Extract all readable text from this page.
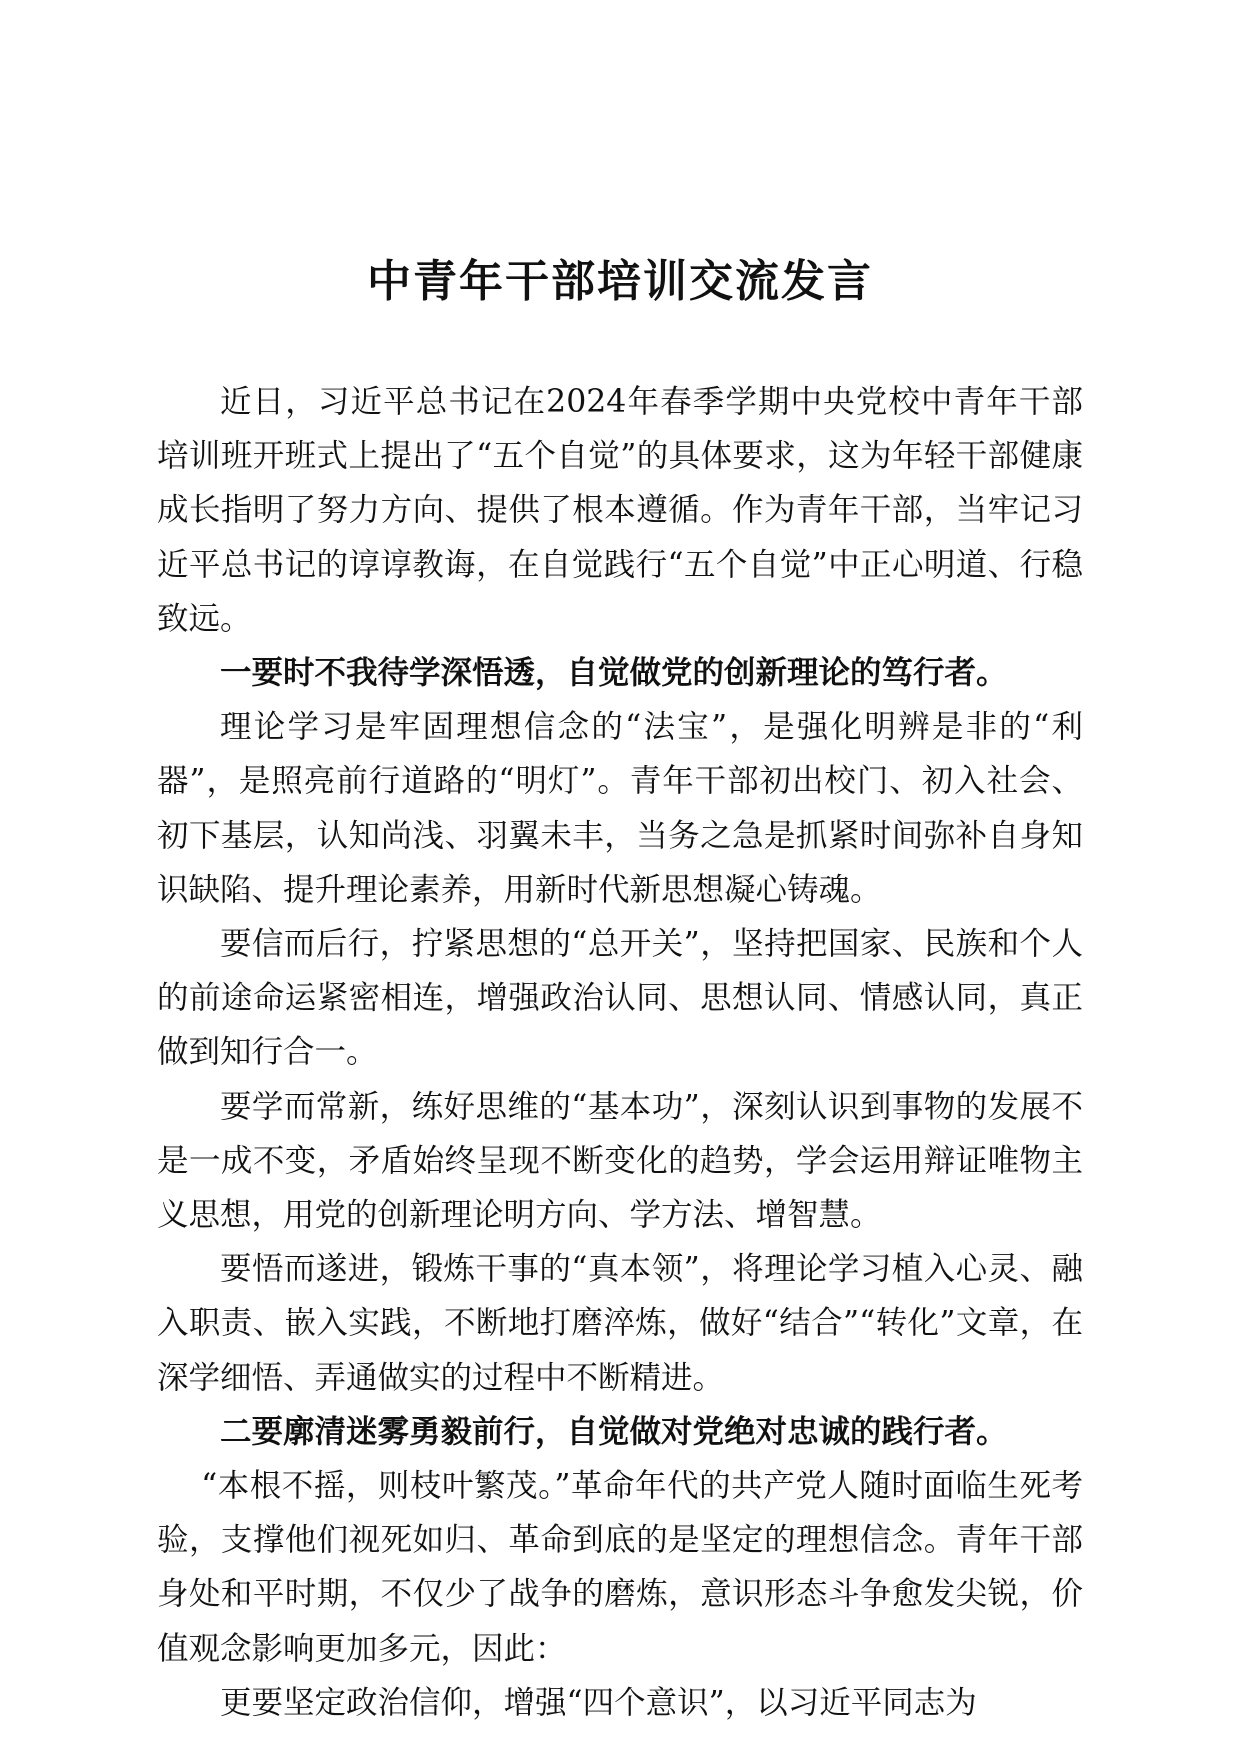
中青年干部培训交流发言

近日，习近平总书记在2024年春季学期中央党校中青年干部培训班开班式上提出了“五个自觉”的具体要求，这为年轻干部健康成长指明了努力方向、提供了根本遵循。作为青年干部，当牢记习近平总书记的谆谆教诲，在自觉践行“五个自觉”中正心明道、行稳致远。

一要时不我待学深悟透，自觉做党的创新理论的笃行者。

理论学习是牢固理想信念的“法宝”，是强化明辨是非的“利器”，是照亮前行道路的“明灯”。青年干部初出校门、初入社会、初下基层，认知尚浅、羽翼未丰，当务之急是抓紧时间弥补自身知识缺陷、提升理论素养，用新时代新思想凝心铸魂。

要信而后行，拧紧思想的“总开关”，坚持把国家、民族和个人的前途命运紧密相连，增强政治认同、思想认同、情感认同，真正做到知行合一。

要学而常新，练好思维的“基本功”，深刻认识到事物的发展不是一成不变，矛盾始终呈现不断变化的趋势，学会运用辩证唯物主义思想，用党的创新理论明方向、学方法、增智慧。

要悟而遂进，锻炼干事的“真本领”，将理论学习植入心灵、融入职责、嵌入实践，不断地打磨淬炼，做好“结合”“转化”文章，在深学细悟、弄通做实的过程中不断精进。

二要廓清迷雾勇毅前行，自觉做对党绝对忠诚的践行者。

“本根不摇，则枝叶繁茂。”革命年代的共产党人随时面临生死考验，支撑他们视死如归、革命到底的是坚定的理想信念。青年干部身处和平时期，不仅少了战争的磨炼，意识形态斗争愈发尖锐，价值观念影响更加多元，因此：

更要坚定政治信仰，增强“四个意识”，以习近平同志为
